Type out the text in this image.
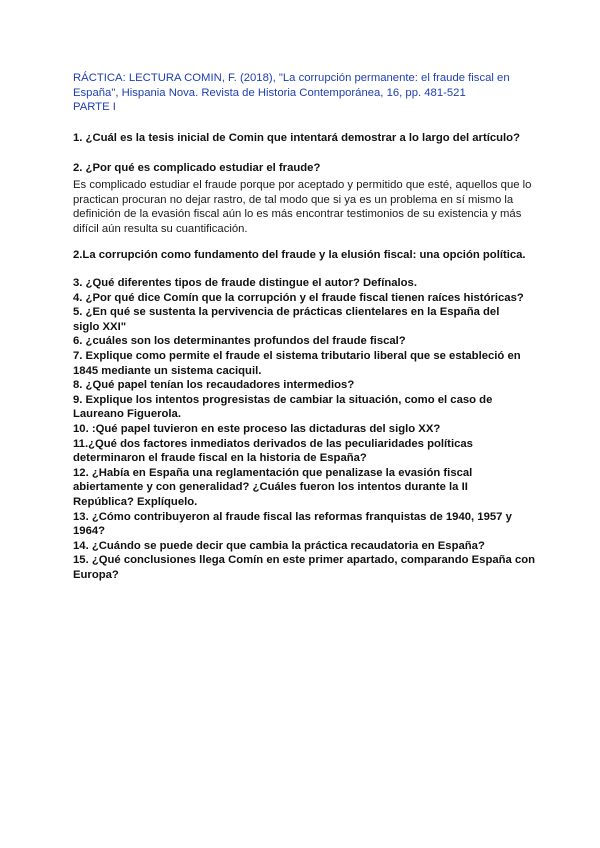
RÁCTICA: LECTURA COMIN, F. (2018), "La corrupción permanente: el fraude fiscal en
España", Hispania Nova. Revista de Historia Contemporánea, 16, pp. 481-521
PARTE I
1. ¿Cuál es la tesis inicial de Comin que intentará demostrar a lo largo del artículo?
2. ¿Por qué es complicado estudiar el fraude?
Es complicado estudiar el fraude porque por aceptado y permitido que esté, aquellos que lo
practican procuran no dejar rastro, de tal modo que si ya es un problema en sí mismo la
definición de la evasión fiscal aún lo es más encontrar testimonios de su existencia y más
difícil aún resulta su cuantificación.
2.La corrupción como fundamento del fraude y la elusión fiscal: una opción política.
3. ¿Qué diferentes tipos de fraude distingue el autor? Defínalos.
4. ¿Por qué dice Comín que la corrupción y el fraude fiscal tienen raíces históricas?
5. ¿En qué se sustenta la pervivencia de prácticas clientelares en la España del
siglo XXI"
6. ¿cuáles son los determinantes profundos del fraude fiscal?
7. Explique como permite el fraude el sistema tributario liberal que se estableció en
1845 mediante un sistema caciquil.
8. ¿Qué papel tenían los recaudadores intermedios?
9. Explique los intentos progresistas de cambiar la situación, como el caso de
Laureano Figuerola.
10. :Qué papel tuvieron en este proceso las dictaduras del siglo XX?
11.¿Qué dos factores inmediatos derivados de las peculiaridades políticas
determinaron el fraude fiscal en la historia de España?
12. ¿Había en España una reglamentación que penalizase la evasión fiscal
abiertamente y con generalidad? ¿Cuáles fueron los intentos durante la II
República? Explíquelo.
13. ¿Cómo contribuyeron al fraude fiscal las reformas franquistas de 1940, 1957 y
1964?
14. ¿Cuándo se puede decir que cambia la práctica recaudatoria en España?
15. ¿Qué conclusiones llega Comín en este primer apartado, comparando España con
Europa?
